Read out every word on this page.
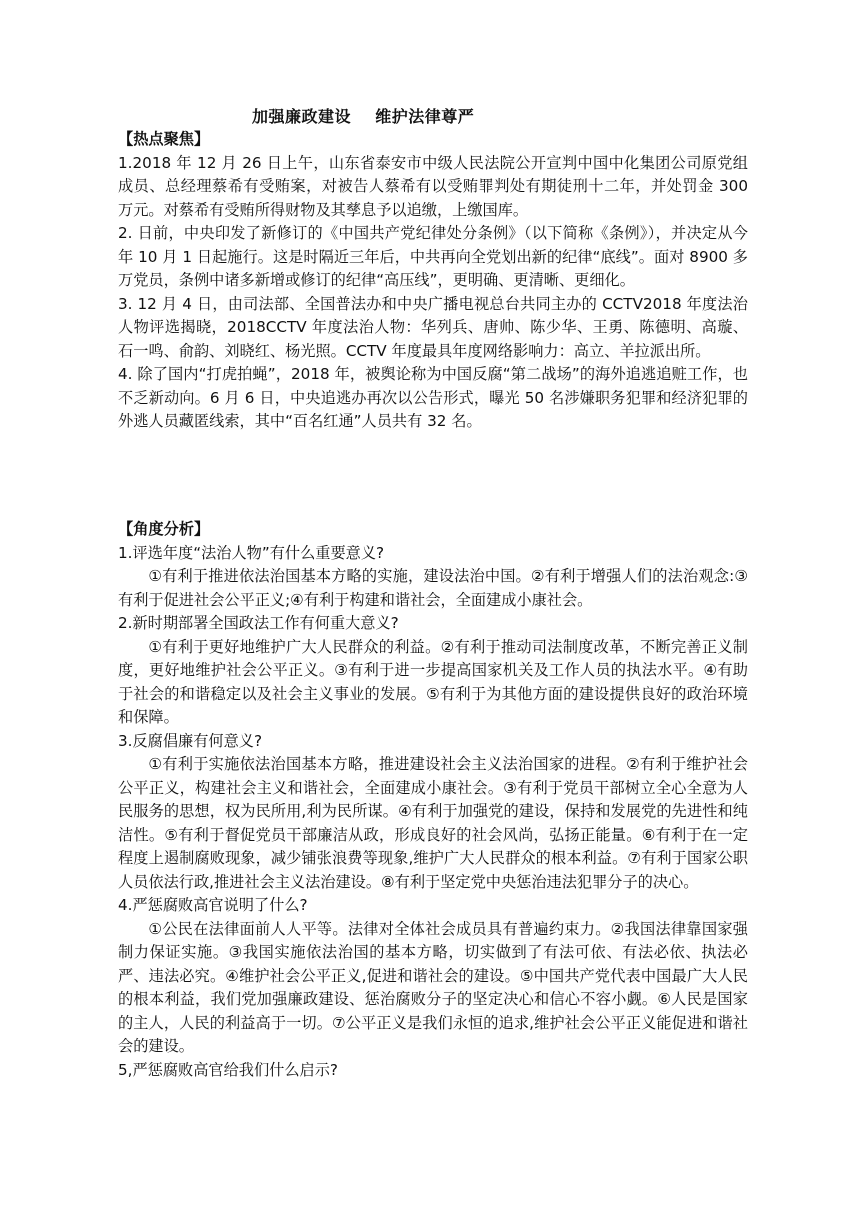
加强廉政建设    维护法律尊严

【热点聚焦】

1.2018 年 12 月 26 日上午，山东省泰安市中级人民法院公开宣判中国中化集团公司原党组成员、总经理蔡希有受贿案，对被告人蔡希有以受贿罪判处有期徒刑十二年，并处罚金 300 万元。对蔡希有受贿所得财物及其孳息予以追缴，上缴国库。

2. 日前，中央印发了新修订的《中国共产党纪律处分条例》（以下简称《条例》），并决定从今年 10 月 1 日起施行。这是时隔近三年后，中共再向全党划出新的纪律“底线”。面对 8900 多万党员，条例中诸多新增或修订的纪律“高压线”，更明确、更清晰、更细化。

3. 12 月 4 日，由司法部、全国普法办和中央广播电视总台共同主办的 CCTV2018 年度法治人物评选揭晓，2018CCTV 年度法治人物：华列兵、唐帅、陈少华、王勇、陈德明、高璇、石一鸣、俞韵、刘晓红、杨光照。CCTV 年度最具年度网络影响力：高立、羊拉派出所。

4. 除了国内“打虎拍蝇”，2018 年，被舆论称为中国反腐“第二战场”的海外追逃追赃工作，也不乏新动向。6 月 6 日，中央追逃办再次以公告形式，曝光 50 名涉嫌职务犯罪和经济犯罪的外逃人员藏匿线索，其中“百名红通”人员共有 32 名。

【角度分析】

1.评选年度“法治人物”有什么重要意义?

①有利于推进依法治国基本方略的实施，建设法治中国。②有利于增强人们的法治观念:③有利于促进社会公平正义;④有利于构建和谐社会，全面建成小康社会。

2.新时期部署全国政法工作有何重大意义?

①有利于更好地维护广大人民群众的利益。②有利于推动司法制度改革，不断完善正义制度，更好地维护社会公平正义。③有利于进一步提高国家机关及工作人员的执法水平。④有助于社会的和谐稳定以及社会主义事业的发展。⑤有利于为其他方面的建设提供良好的政治环境和保障。

3.反腐倡廉有何意义?

①有利于实施依法治国基本方略，推进建设社会主义法治国家的进程。②有利于维护社会公平正义，构建社会主义和谐社会，全面建成小康社会。③有利于党员干部树立全心全意为人民服务的思想，权为民所用,利为民所谋。④有利于加强党的建设，保持和发展党的先进性和纯洁性。⑤有利于督促党员干部廉洁从政，形成良好的社会风尚，弘扬正能量。⑥有利于在一定程度上遏制腐败现象，减少铺张浪费等现象,维护广大人民群众的根本利益。⑦有利于国家公职人员依法行政,推进社会主义法治建设。⑧有利于坚定党中央惩治违法犯罪分子的决心。

4.严惩腐败高官说明了什么?

①公民在法律面前人人平等。法律对全体社会成员具有普遍约束力。②我国法律靠国家强制力保证实施。③我国实施依法治国的基本方略，切实做到了有法可依、有法必依、执法必严、违法必究。④维护社会公平正义,促进和谐社会的建设。⑤中国共产党代表中国最广大人民的根本利益，我们党加强廉政建设、惩治腐败分子的坚定决心和信心不容小觑。⑥人民是国家的主人，人民的利益高于一切。⑦公平正义是我们永恒的追求,维护社会公平正义能促进和谐社会的建设。

5,严惩腐败高官给我们什么启示?
